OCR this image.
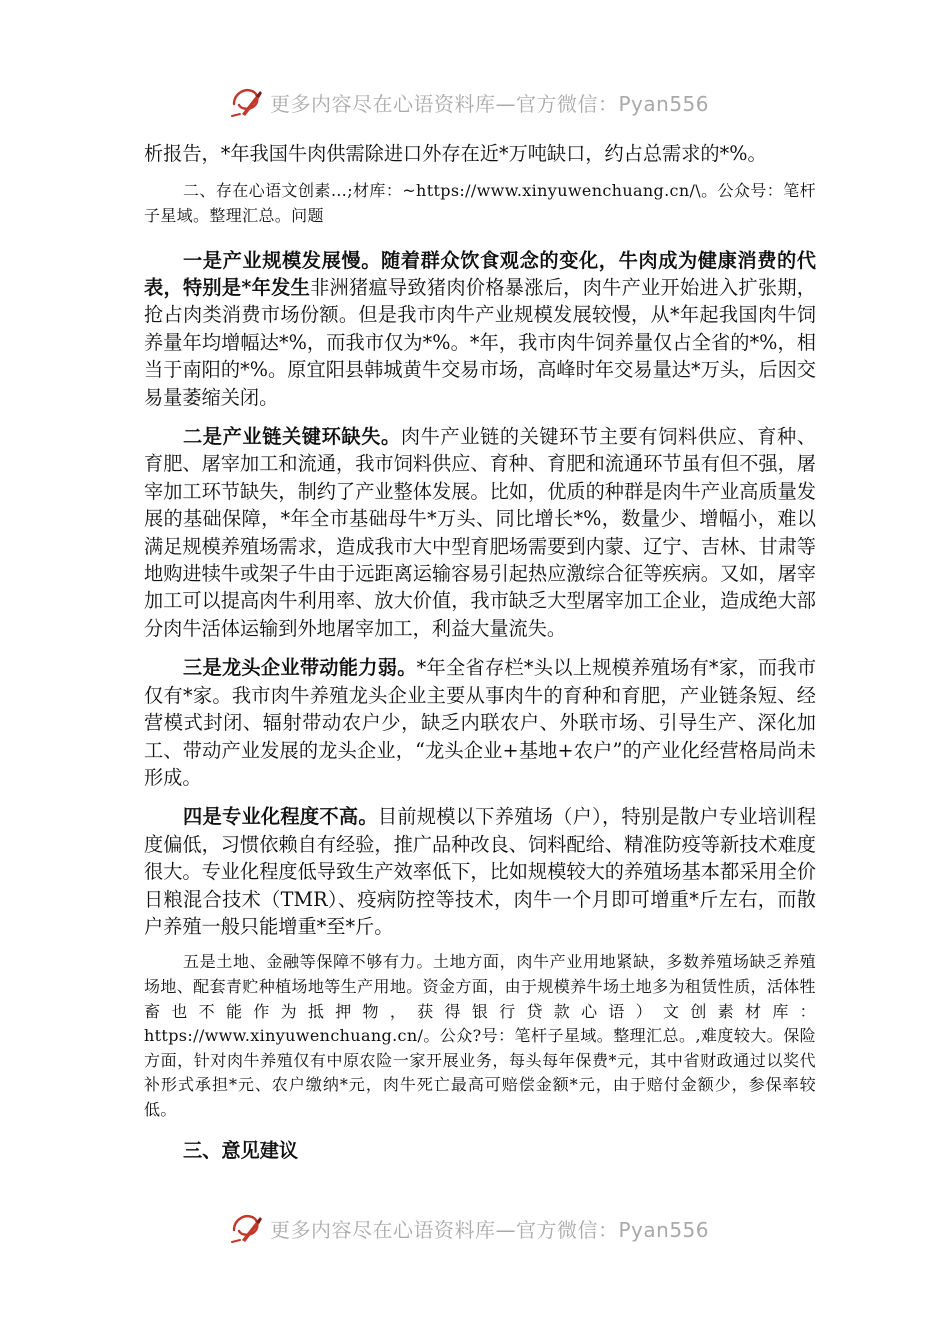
更多内容尽在心语资料库—官方微信：Pyan556

析报告，*年我国牛肉供需除进口外存在近*万吨缺口，约占总需求的*%。

二、存在心语文创素…;材库：~https://www.xinyuwenchuang.cn/\。公众号：笔杆子星域。整理汇总。问题

一是产业规模发展慢。随着群众饮食观念的变化，牛肉成为健康消费的代表，特别是*年发生非洲猪瘟导致猪肉价格暴涨后，肉牛产业开始进入扩张期，抢占肉类消费市场份额。但是我市肉牛产业规模发展较慢，从*年起我国肉牛饲养量年均增幅达*%，而我市仅为*%。*年，我市肉牛饲养量仅占全省的*%，相当于南阳的*%。原宜阳县韩城黄牛交易市场，高峰时年交易量达*万头，后因交易量萎缩关闭。

二是产业链关键环缺失。肉牛产业链的关键环节主要有饲料供应、育种、育肥、屠宰加工和流通，我市饲料供应、育种、育肥和流通环节虽有但不强，屠宰加工环节缺失，制约了产业整体发展。比如，优质的种群是肉牛产业高质量发展的基础保障，*年全市基础母牛*万头、同比增长*%，数量少、增幅小，难以满足规模养殖场需求，造成我市大中型育肥场需要到内蒙、辽宁、吉林、甘肃等地购进犊牛或架子牛由于远距离运输容易引起热应激综合征等疾病。又如，屠宰加工可以提高肉牛利用率、放大价值，我市缺乏大型屠宰加工企业，造成绝大部分肉牛活体运输到外地屠宰加工，利益大量流失。

三是龙头企业带动能力弱。*年全省存栏*头以上规模养殖场有*家，而我市仅有*家。我市肉牛养殖龙头企业主要从事肉牛的育种和育肥，产业链条短、经营模式封闭、辐射带动农户少，缺乏内联农户、外联市场、引导生产、深化加工、带动产业发展的龙头企业，“龙头企业+基地+农户”的产业化经营格局尚未形成。

四是专业化程度不高。目前规模以下养殖场（户），特别是散户专业培训程度偏低，习惯依赖自有经验，推广品种改良、饲料配给、精准防疫等新技术难度很大。专业化程度低导致生产效率低下，比如规模较大的养殖场基本都采用全价日粮混合技术（TMR）、疫病防控等技术，肉牛一个月即可增重*斤左右，而散户养殖一般只能增重*至*斤。

五是土地、金融等保障不够有力。土地方面，肉牛产业用地紧缺，多数养殖场缺乏养殖场地、配套青贮种植场地等生产用地。资金方面，由于规模养牛场土地多为租赁性质，活体牲畜也不能作为抵押物，获得银行贷款心语）文创素材库：https://www.xinyuwenchuang.cn/。公众?号：笔杆子星域。整理汇总。,难度较大。保险方面，针对肉牛养殖仅有中原农险一家开展业务，每头每年保费*元，其中省财政通过以奖代补形式承担*元、农户缴纳*元，肉牛死亡最高可赔偿金额*元，由于赔付金额少，参保率较低。

三、意见建议

更多内容尽在心语资料库—官方微信：Pyan556
